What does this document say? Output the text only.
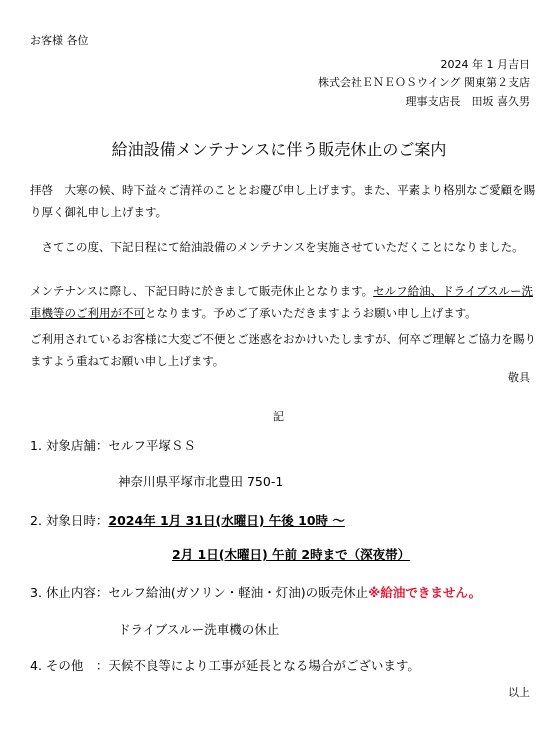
お客様 各位
2024 年 1 月吉日
株式会社ＥＮＥＯＳウイング 関東第２支店
理事支店長　田坂 喜久男
給油設備メンテナンスに伴う販売休止のご案内
拝啓　大寒の候、時下益々ご清祥のこととお慶び申し上げます。また、平素より格別なご愛顧を賜り厚く御礼申し上げます。
　さてこの度、下記日程にて給油設備のメンテナンスを実施させていただくことになりました。
メンテナンスに際し、下記日時に於きまして販売休止となります。セルフ給油、ドライブスルー洗車機等のご利用が不可となります。予めご了承いただきますようお願い申し上げます。
ご利用されているお客様に大変ご不便とご迷惑をおかけいたしますが、何卒ご理解とご協力を賜りますよう重ねてお願い申し上げます。
敬具
記
1. 対象店舗：セルフ平塚ＳＳ
神奈川県平塚市北豊田 750-1
2. 対象日時：2024年 1月 31日(水曜日) 午後 10時 ～
2月 1日(木曜日) 午前 2時まで（深夜帯）
3. 休止内容：セルフ給油(ガソリン・軽油・灯油)の販売休止※給油できません。
ドライブスルー洗車機の休止
4. その他　：天候不良等により工事が延長となる場合がございます。
以上
